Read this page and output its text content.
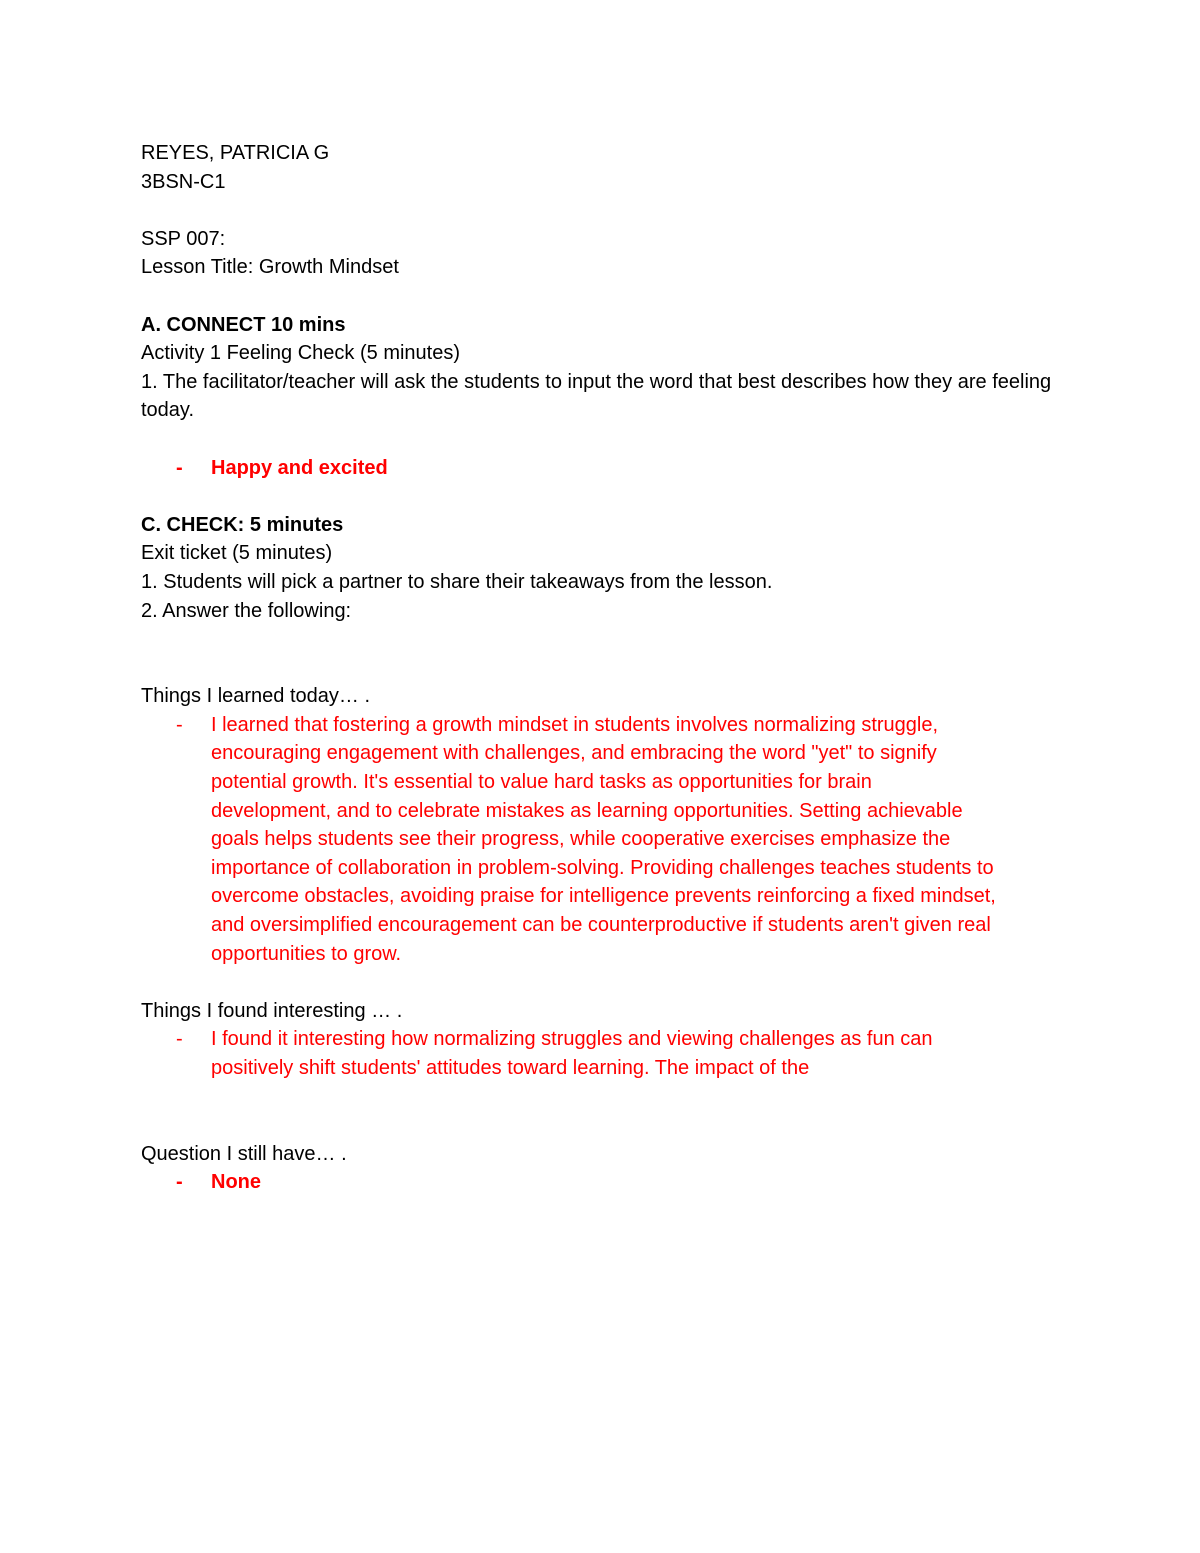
REYES, PATRICIA G
3BSN-C1
SSP 007:
Lesson Title: Growth Mindset
A. CONNECT 10 mins
Activity 1 Feeling Check (5 minutes)
1. The facilitator/teacher will ask the students to input the word that best describes how they are feeling today.
- Happy and excited
C. CHECK: 5 minutes
Exit ticket (5 minutes)
1. Students will pick a partner to share their takeaways from the lesson.
2. Answer the following:
Things I learned today… .
- I learned that fostering a growth mindset in students involves normalizing struggle,
encouraging engagement with challenges, and embracing the word "yet" to signify
potential growth. It's essential to value hard tasks as opportunities for brain
development, and to celebrate mistakes as learning opportunities. Setting achievable
goals helps students see their progress, while cooperative exercises emphasize the
importance of collaboration in problem-solving. Providing challenges teaches students to
overcome obstacles, avoiding praise for intelligence prevents reinforcing a fixed mindset,
and oversimplified encouragement can be counterproductive if students aren't given real
opportunities to grow.
Things I found interesting … .
- I found it interesting how normalizing struggles and viewing challenges as fun can
positively shift students' attitudes toward learning. The impact of the
Question I still have… .
- None
